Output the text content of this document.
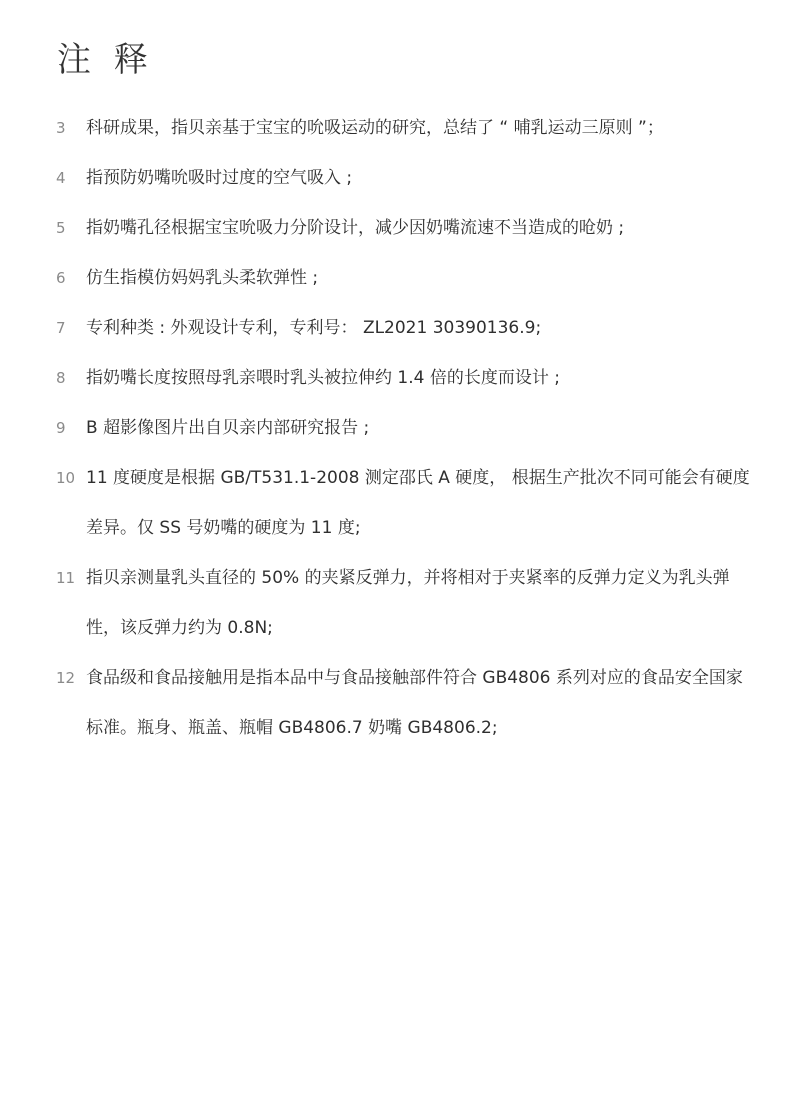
注 释
3	科研成果，指贝亲基于宝宝的吮吸运动的研究，总结了 “ 哺乳运动三原则 ”；
4	指预防奶嘴吮吸时过度的空气吸入 ;
5	指奶嘴孔径根据宝宝吮吸力分阶设计，减少因奶嘴流速不当造成的呛奶 ;
6	仿生指模仿妈妈乳头柔软弹性 ;
7	专利种类 : 外观设计专利，专利号： ZL2021 30390136.9;
8	指奶嘴长度按照母乳亲喂时乳头被拉伸约 1.4 倍的长度而设计 ;
9	B 超影像图片出自贝亲内部研究报告 ;
10 11 度硬度是根据 GB/T531.1-2008 测定邵氏 A 硬度， 根据生产批次不同可能会有硬度差异。仅 SS 号奶嘴的硬度为 11 度;
11 指贝亲测量乳头直径的 50% 的夹紧反弹力，并将相对于夹紧率的反弹力定义为乳头弹性，该反弹力约为 0.8N;
12 食品级和食品接触用是指本品中与食品接触部件符合 GB4806 系列对应的食品安全国家标准。瓶身、瓶盖、瓶帽 GB4806.7 奶嘴 GB4806.2;
